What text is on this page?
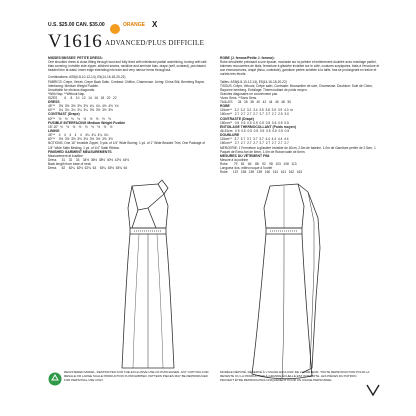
U.S. $25.00 CAN. $35.00	ORANGE X
V1616 ADVANCED/PLUS DIFFICILE
MISSES'/MISSES' PETITE DRESS:
One shoulder dress is close-fitting through bust and fully lined with interfaced partial underlining, boning with self-bias covering, invisible side zipper, stitched seams, neckline and armhole bias, drape (self, contrast), purchased beaded trim at waist, lower edge extending into train and very narrow hems throughout.
Combinations: AS5(6-8-10-12-14), E5(14-16-18-20-22)
FABRICS: Crepe, Velvet, Crepe Back Satin. Contrast: Chiffon, Charmeuse. Lining: China Silk; Bemberg Rayon. Interfacing: Medium Weight Fusible.
Unsuitable for obvious diagonals.
*With Nap. **Without Nap.
SIZES 6     8    10   12   14   16   18   20   22
DRESS
45"**    3½  3½  3½  3½  3½  4¼  4¼  4½  4½  Yd
60"**    3¼  3¼  3¼  3¼  3¼  3½  3½  3½  3½
CONTRAST (Drape)
60"**    ½    ½    ½    ½    ½    ½    ½    ½    ½
FUSIBLE INTERFACING Medium Weight Fusible
18"-20"  ½    ½    ½    ½    ½    ½    ½    ½    ½
LINING
45"**    4    4    4    4    4    4¼  4¼  4¼  4¼
60"**    3½  3½  3½  3½  3½  3½  3½  3½  3½
NOTIONS: One 16" Invisible Zipper, 3 yds. of 1/4" Wide Boning, 1 yd. of 1" Wide Beaded Trim, One Package of 1/4" Wide Satin Binding, 1 yd. of 1/4" Satin Ribbon.
FINISHED GARMENT MEASUREMENTS
Measurement at bustline
Dress      31    32    33    34½  36½  38½  40½  42½  44½
Back length from base of neck
Dress      62    62¼  62½  62¾  63    63¼  63½  63¾  64
ROBE (J. femme/Petite J. femme):
Robe décolletée précisant à une épaule, moulante sur la poitrine et entièrement doublée avec entoilage partiel, baleines recouvertes de biais, fermeture à glissière invisible sur le côté, coutures surpiquées, biais à l'encolure et aux emmanchures, drapé (tissu, contraste), garniture perlée achetée à la taille, bas se prolongeant en traîne et ourlets très étroits.
Tailles: AS5(6-8-10-12-14), E5(14-16-18-20-22)
TISSUS: Crêpe, Velours, Crêpe satin. Contraste: Mousseline de soie, Charmeuse. Doublure: Soie de Chine, Rayonne bemberg. Entoilage: Thermocollant de poids moyen.
Grandes diagonales ne conviennent pas.
*Avec Sens. **Sans Sens.
TAILLES 34   36   38   40   42   44   46   48   50
ROBE
115cm**   3.2  3.2  3.2  3.4  3.5  3.8  3.9  3.9  4.0  m
150cm**   2.7  2.7  2.7  2.7  2.7  2.7  2.7  2.9  3.0
CONTRASTE (Drapé)
150cm**   0.5  0.5  0.5  0.5  0.5  0.5  0.5  0.5  0.5
ENTOILAGE THERMOCOLLANT (Poids moyen)
46-51cm   0.5  0.5  0.5  0.5  0.5  0.5  0.5  0.5  0.5
DOUBLURE
115cm**   3.7  3.7  3.7  3.7  3.7  4.4  4.4  4.4  4.4
150cm**   2.7  2.7  2.7  2.7  2.7  2.7  2.7  2.7  2.7
MERCERIE: 1 Fermeture à glissière invisible de 40cm, 2.8m de baleine, 1.0m de Garniture perlée de 2.5cm, 1 Paquet de Extra-fort de 6mm, 1.0m de Ruban satin de 6mm.
MESURES DU VÊTEMENT FINI
Mesure à la poitrine
Robe       79    81    84    88    92    98   103   108   113
Longueur dos, milieu nuque à l'ourlet
Robe      157   158   159   159   160   161   161   162   163
REGISTERED MODEL. RESTRICTED FOR THE EXCLUSIVE USE OF PURCHASER. ANY COPYING FOR RESALE OR LARGE SCALE PRODUCTION IS PROHIBITED. PATTERN PIECES MAY BE REPRODUCED FOR PERSONAL USE ONLY.
MODÈLE DÉPOSÉ. RÉSERVÉ À L'USAGE EXCLUSIF DE L'ACHETEUR. TOUTE REPRODUCTION POUR LA REVENTE OU LA PRODUCTION À GRANDE ÉCHELLE EST INTERDITE. LES PIÈCES DU PATRON PEUVENT ÊTRE REPRODUITES UNIQUEMENT POUR UN USAGE PERSONNEL.
